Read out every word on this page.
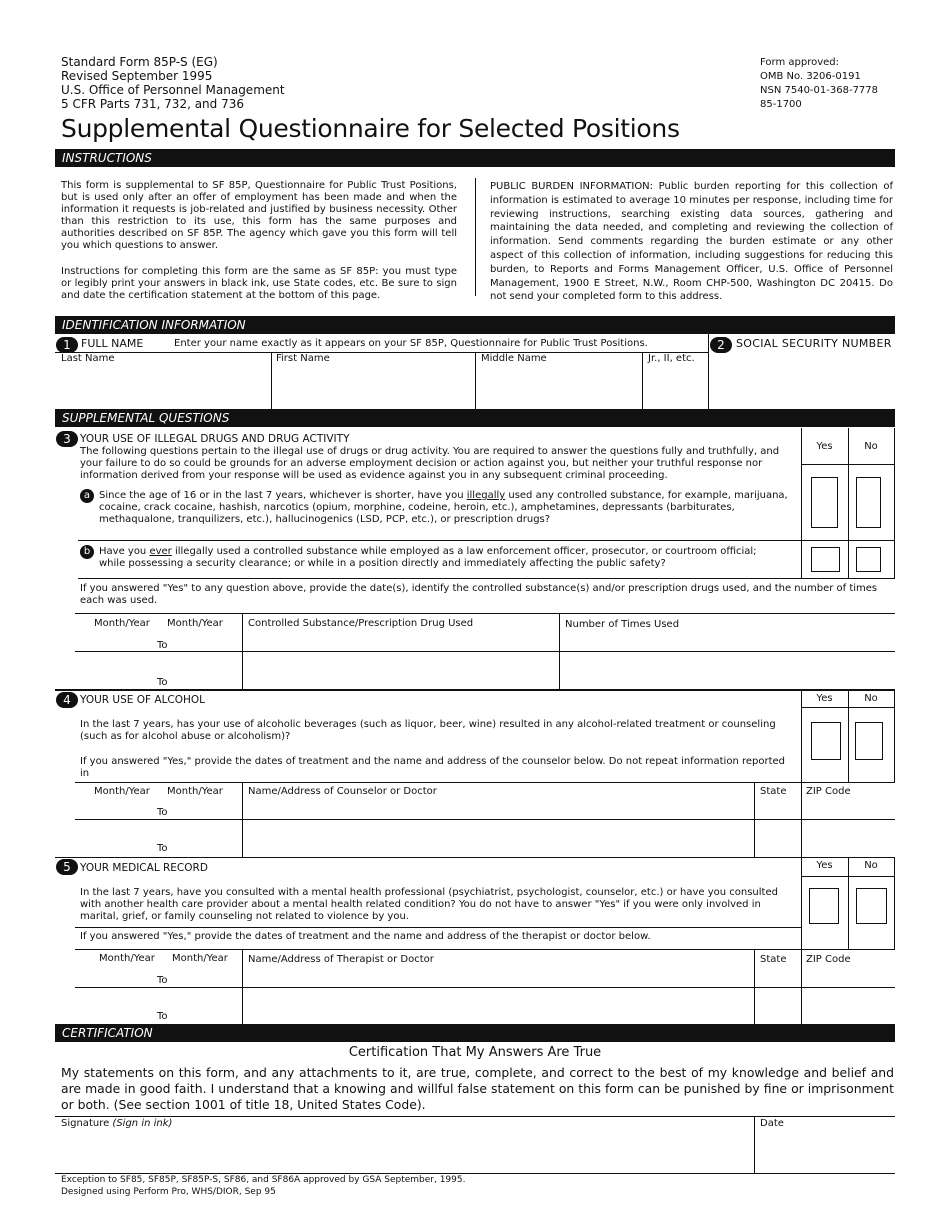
Standard Form 85P-S (EG)
Revised September 1995
U.S. Office of Personnel Management
5 CFR Parts 731, 732, and 736
Form approved:
OMB No. 3206-0191
NSN 7540-01-368-7778
85-1700
Supplemental Questionnaire for Selected Positions
INSTRUCTIONS
This form is supplemental to SF 85P, Questionnaire for Public Trust Positions, but is used only after an offer of employment has been made and when the information it requests is job-related and justified by business necessity. Other than this restriction to its use, this form has the same purposes and authorities described on SF 85P. The agency which gave you this form will tell you which questions to answer.
Instructions for completing this form are the same as SF 85P: you must type or legibly print your answers in black ink, use State codes, etc. Be sure to sign and date the certification statement at the bottom of this page.
PUBLIC BURDEN INFORMATION: Public burden reporting for this collection of information is estimated to average 10 minutes per response, including time for reviewing instructions, searching existing data sources, gathering and maintaining the data needed, and completing and reviewing the collection of information. Send comments regarding the burden estimate or any other aspect of this collection of information, including suggestions for reducing this burden, to Reports and Forms Management Officer, U.S. Office of Personnel Management, 1900 E Street, N.W., Room CHP-500, Washington DC 20415. Do not send your completed form to this address.
IDENTIFICATION INFORMATION
1 FULL NAME	Enter your name exactly as it appears on your SF 85P, Questionnaire for Public Trust Positions.	2	SOCIAL SECURITY NUMBER
Last Name	First Name	Middle Name	Jr., II, etc.
SUPPLEMENTAL QUESTIONS
3 YOUR USE OF ILLEGAL DRUGS AND DRUG ACTIVITY
The following questions pertain to the illegal use of drugs or drug activity. You are required to answer the questions fully and truthfully, and your failure to do so could be grounds for an adverse employment decision or action against you, but neither your truthful response nor information derived from your response will be used as evidence against you in any subsequent criminal proceeding.
Yes	No
a Since the age of 16 or in the last 7 years, whichever is shorter, have you illegally used any controlled substance, for example, marijuana, cocaine, crack cocaine, hashish, narcotics (opium, morphine, codeine, heroin, etc.), amphetamines, depressants (barbiturates, methaqualone, tranquilizers, etc.), hallucinogenics (LSD, PCP, etc.), or prescription drugs?
b Have you ever illegally used a controlled substance while employed as a law enforcement officer, prosecutor, or courtroom official; while possessing a security clearance; or while in a position directly and immediately affecting the public safety?
If you answered "Yes" to any question above, provide the date(s), identify the controlled substance(s) and/or prescription drugs used, and the number of times each was used.
Month/Year Month/Year	Controlled Substance/Prescription Drug Used	Number of Times Used
To
To
4 YOUR USE OF ALCOHOL
In the last 7 years, has your use of alcoholic beverages (such as liquor, beer, wine) resulted in any alcohol-related treatment or counseling (such as for alcohol abuse or alcoholism)?
If you answered "Yes," provide the dates of treatment and the name and address of the counselor below. Do not repeat information reported in
Yes	No
Month/Year Month/Year	Name/Address of Counselor or Doctor	State ZIP Code
To
To
5 YOUR MEDICAL RECORD
In the last 7 years, have you consulted with a mental health professional (psychiatrist, psychologist, counselor, etc.) or have you consulted with another health care provider about a mental health related condition? You do not have to answer "Yes" if you were only involved in marital, grief, or family counseling not related to violence by you.
If you answered "Yes," provide the dates of treatment and the name and address of the therapist or doctor below.
Yes	No
Month/Year Month/Year Name/Address of Therapist or Doctor	State ZIP Code
To
To
CERTIFICATION
Certification That My Answers Are True
My statements on this form, and any attachments to it, are true, complete, and correct to the best of my knowledge and belief and are made in good faith. I understand that a knowing and willful false statement on this form can be punished by fine or imprisonment or both. (See section 1001 of title 18, United States Code).
Signature (Sign in ink)	Date
Exception to SF85, SF85P, SF85P-S, SF86, and SF86A approved by GSA September, 1995.
Designed using Perform Pro, WHS/DIOR, Sep 95
